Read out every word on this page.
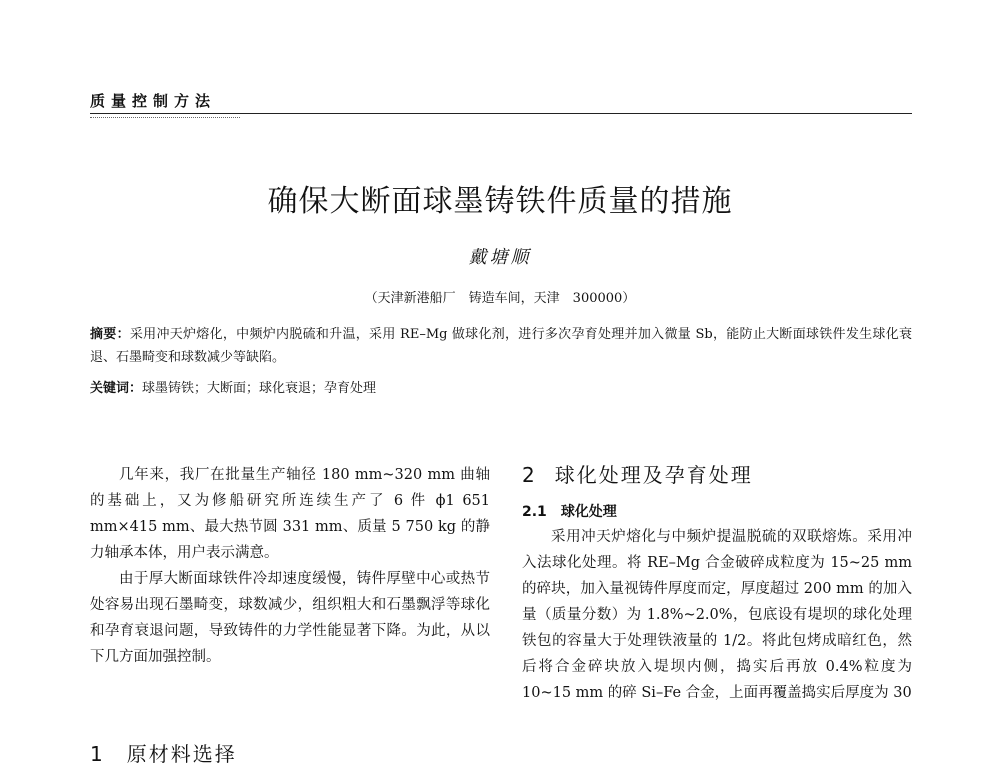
质量控制方法
确保大断面球墨铸铁件质量的措施
戴塘顺
（天津新港船厂　铸造车间，天津　300000）
摘要：采用冲天炉熔化，中频炉内脱硫和升温，采用 RE–Mg 做球化剂，进行多次孕育处理并加入微量 Sb，能防止大断面球铁件发生球化衰退、石墨畸变和球数减少等缺陷。
关键词：球墨铸铁；大断面；球化衰退；孕育处理

几年来，我厂在批量生产轴径 180 mm~320 mm 曲轴的基础上，又为修船研究所连续生产了 6 件 ϕ1 651 mm×415 mm、最大热节圆 331 mm、质量 5 750 kg 的静力轴承本体，用户表示满意。

由于厚大断面球铁件冷却速度缓慢，铸件厚壁中心或热节处容易出现石墨畸变，球数减少，组织粗大和石墨飘浮等球化和孕育衰退问题，导致铸件的力学性能显著下降。为此，从以下几方面加强控制。

1 原材料选择
2 球化处理及孕育处理
2.1 球化处理

采用冲天炉熔化与中频炉提温脱硫的双联熔炼。采用冲入法球化处理。将 RE–Mg 合金破碎成粒度为 15~25 mm 的碎块，加入量视铸件厚度而定，厚度超过 200 mm 的加入量（质量分数）为 1.8%~2.0%，包底设有堤坝的球化处理铁包的容量大于处理铁液量的 1/2。将此包烤成暗红色，然后将合金碎块放入堤坝内侧，捣实后再放 0.4%粒度为 10~15 mm 的碎 Si–Fe 合金，上面再覆盖捣实后厚度为 30
